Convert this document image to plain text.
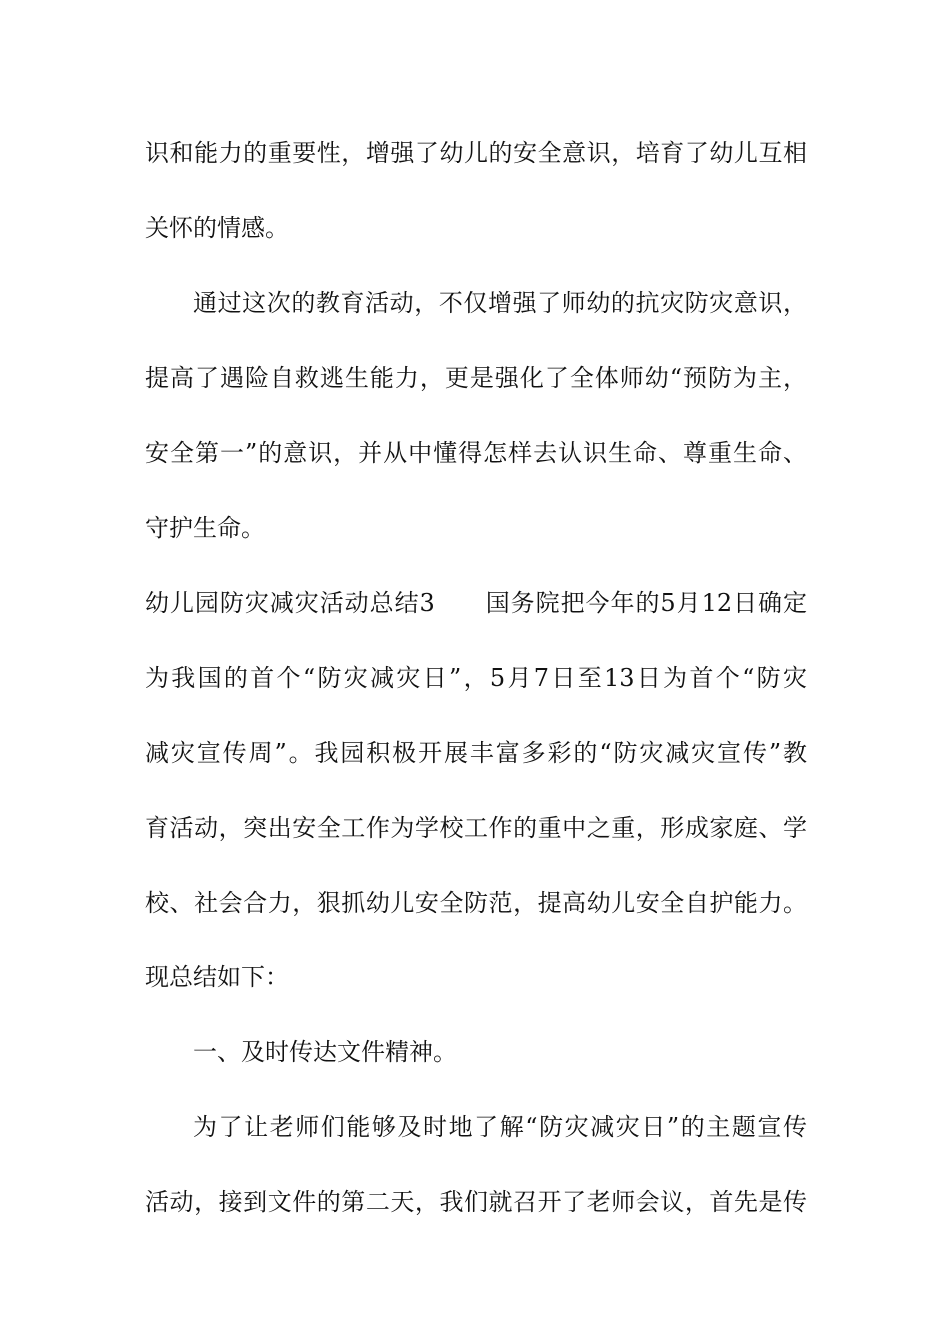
识和能力的重要性，增强了幼儿的安全意识，培育了幼儿互相
关怀的情感。
通过这次的教育活动，不仅增强了师幼的抗灾防灾意识，
提高了遇险自救逃生能力，更是强化了全体师幼“预防为主，
安全第一”的意识，并从中懂得怎样去认识生命、尊重生命、
守护生命。
幼儿园防灾减灾活动总结3　　国务院把今年的5月12日确定
为我国的首个“防灾减灾日”，5月7日至13日为首个“防灾
减灾宣传周”。我园积极开展丰富多彩的“防灾减灾宣传”教
育活动，突出安全工作为学校工作的重中之重，形成家庭、学
校、社会合力，狠抓幼儿安全防范，提高幼儿安全自护能力。
现总结如下：
一、及时传达文件精神。
为了让老师们能够及时地了解“防灾减灾日”的主题宣传
活动，接到文件的第二天，我们就召开了老师会议，首先是传
